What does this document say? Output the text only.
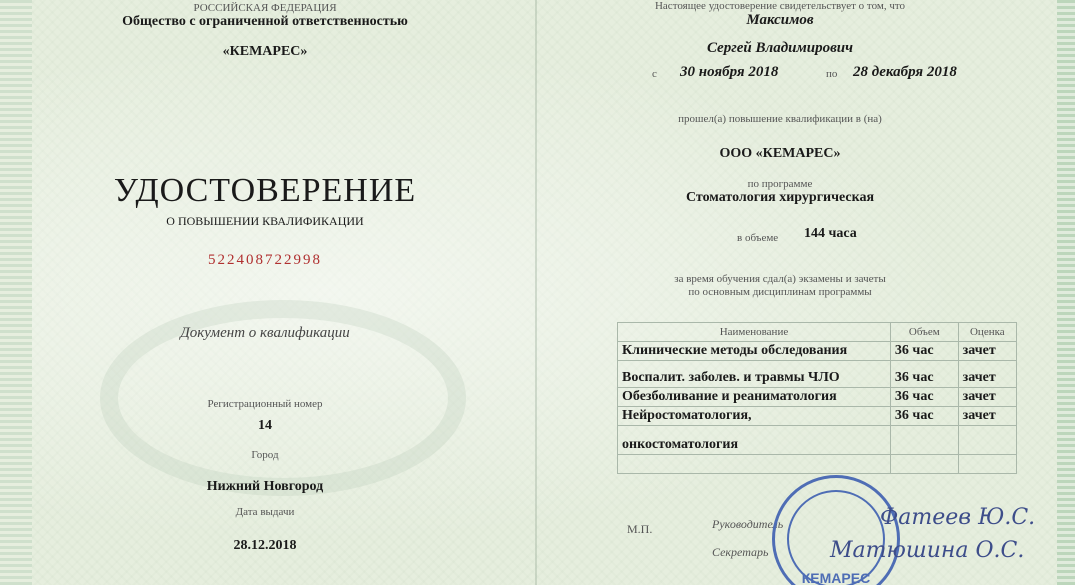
РОССИЙСКАЯ ФЕДЕРАЦИЯ
Общество с ограниченной ответственностью
«КЕМАРЕС»
УДОСТОВЕРЕНИЕ
О ПОВЫШЕНИИ КВАЛИФИКАЦИИ
522408722998
Документ о квалификации
Регистрационный номер
14
Город
Нижний Новгород
Дата выдачи
28.12.2018
Настоящее удостоверение свидетельствует о том, что
Максимов
Сергей Владимирович
с 30 ноября 2018	по 28 декабря 2018
прошел(а) повышение квалификации в (на)
ООО «КЕМАРЕС»
по программе
Стоматология хирургическая
в объеме 144 часа
за время обучения сдал(а) экзамены и зачеты
по основным дисциплинам программы
Наименование	Объем	Оценка
Клинические методы обследования	36 час	зачет
Воспалит. заболев. и травмы ЧЛО	36 час	зачет
Обезболивание и реаниматология	36 час	зачет
Нейростоматология,	36 час	зачет
онкостоматология		

М.П.	Руководитель
Секретарь
КЕМАРЕС
Фатеев Ю.С.
Матюшина О.С.
